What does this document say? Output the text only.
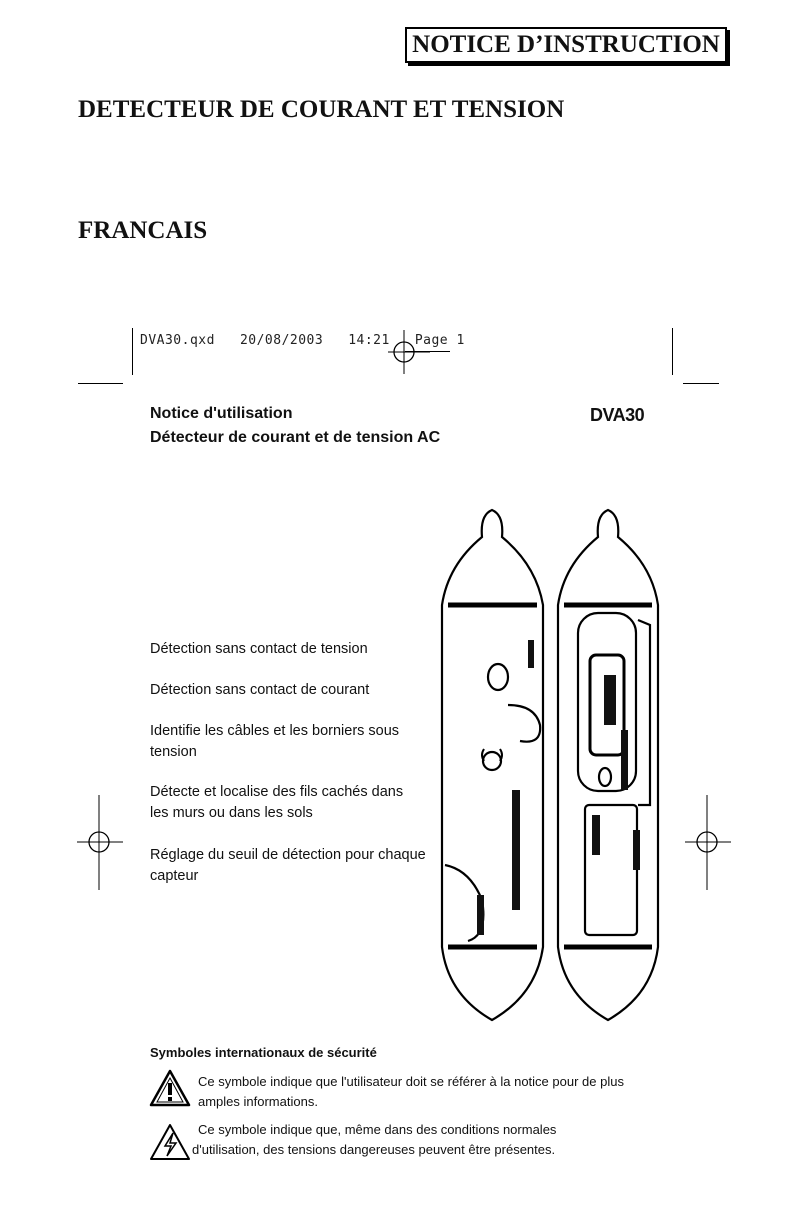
NOTICE D’INSTRUCTION
DETECTEUR DE COURANT ET TENSION
FRANCAIS
DVA30.qxd 20/08/2003 14:21 Page 1
Notice d'utilisation
Détecteur de courant et de tension AC
DVA30
Détection sans contact de tension
Détection sans contact de courant
Identifie les câbles et les borniers sous tension
Détecte et localise des fils cachés dans les murs ou dans les sols
Réglage du seuil de détection pour chaque capteur
Symboles internationaux de sécurité
Ce symbole indique que l'utilisateur doit se référer à la notice pour de plus amples informations.
Ce symbole indique que, même dans des conditions normales d'utilisation, des tensions dangereuses peuvent être présentes.
